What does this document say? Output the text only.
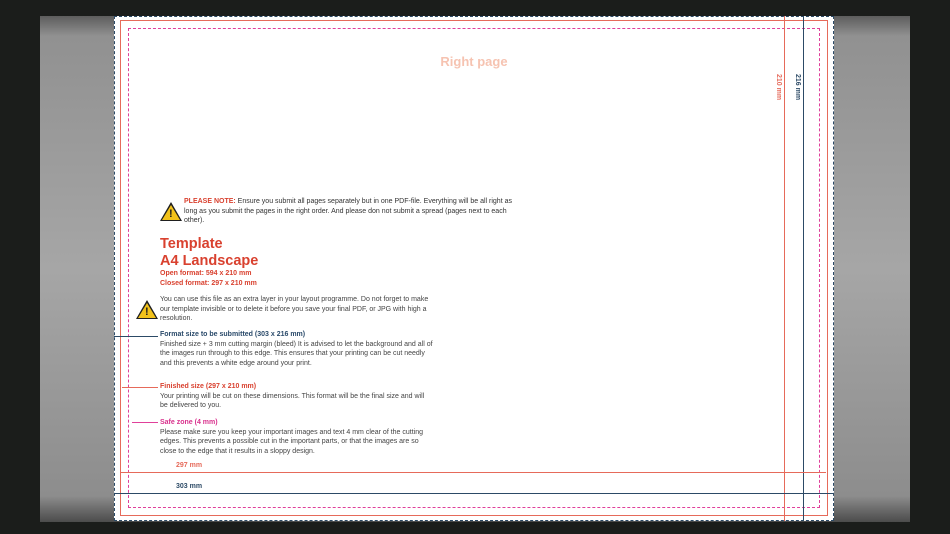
Right page
210 mm 216 mm
!
PLEASE NOTE: Ensure you submit all pages separately but in one PDF-file. Everything will be all right as long as you submit the pages in the right order. And please don not submit a spread (pages next to each other).
Template
A4 Landscape
Open format: 594 x 210 mm
Closed format: 297 x 210 mm
!
You can use this file as an extra layer in your layout programme. Do not forget to make our template invisible or to delete it before you save your final PDF, or JPG with high a resolution.
Format size to be submitted (303 x 216 mm)
Finished size + 3 mm cutting margin (bleed) It is advised to let the background and all of the images run through to this edge. This ensures that your printing can be cut needly and this prevents a white edge around your print.
Finished size (297 x 210 mm)
Your printing will be cut on these dimensions. This format will be the final size and will be delivered to you.
Safe zone (4 mm)
Please make sure you keep your important images and text 4 mm clear of the cutting edges. This prevents a possible cut in the important parts, or that the images are so close to the edge that it results in a sloppy design.
297 mm
303 mm
